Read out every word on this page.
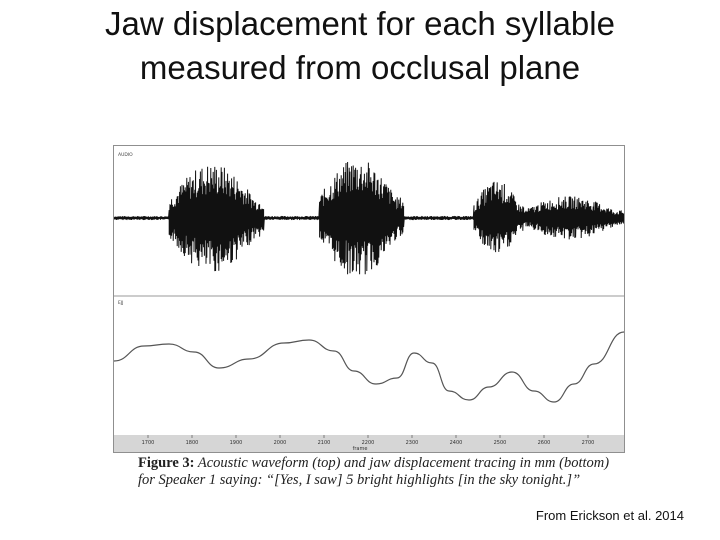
Jaw displacement for each syllable
measured from occlusal plane
AUDIO
EJJ
1700	1800	1900	2000	2100	2200	2300	2400	2500	2600	2700
frame
Figure 3: Acoustic waveform (top) and jaw displacement tracing in mm (bottom) for Speaker 1 saying: “[Yes, I saw] 5 bright highlights [in the sky tonight.]”
From Erickson et al. 2014
